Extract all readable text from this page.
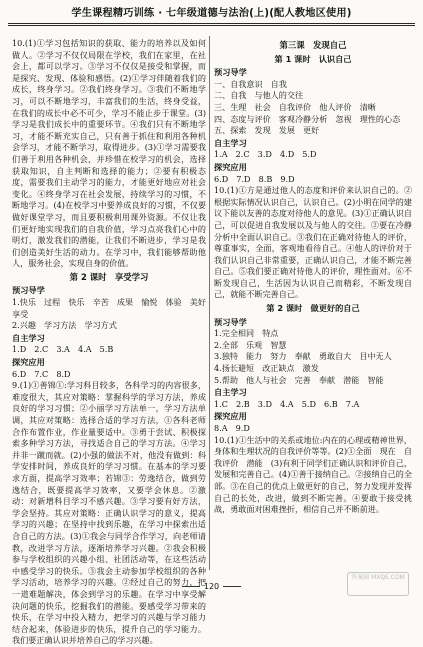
学生课程精巧训练 · 七年级道德与法治(上)(配人教地区使用)

10.(1)①学习包括知识的获取、能力的培养以及如何做人。②学习不仅仅局限在学校，我们在家里，在社会上，都可以学习。③学习不仅仅是接受和掌握，而是探究、发现、体验和感悟。(2)①学习伴随着我们的成长，终身学习。②我们终身学习。③我们不断地学习，可以不断地学习，丰富我们的生活，终身受益，在我们的成长中必不可少，学习不能止步于课堂。(3)学习是我们成长中的重要环节。④我们只有不断地学习，才能不断充实自己，只有善于抓住和利用各种机会学习，才能不断学习，取得进步。(3)①学习需要我们善于利用各种机会，并珍惜在校学习的机会，选择获取知识，自主判断和选择的能力；②要有积极态度，需要我们主动学习的能力，才能更好地应对社会变化。④终身学习在社会发展，持续学习的习惯，不断地学习。(4)在校学习中要养成良好的习惯，不仅要做好课堂学习，而且要积极利用课外资源。不仅让我们更好地实现我们的自我价值，学习点亮我们心中的明灯，激发我们的潜能，让我们不断进步，学习是我们创造美好生活的动力。在学习中，我们能够帮助他人，服务社会，实现自身的价值。

第 2 课时　享受学习

预习导学

1.快乐　过程　快乐　辛苦　成果　愉悦　体验　美好享受

2.兴趣　学习方法　学习方式

自主学习

1.D　2.C　3.A　4.A　5.B

探究应用

6.D　7.C　8.D

9.(1)①善锦①:学习科目较多，各科学习的内容很多，难度很大，其应对策略：掌握科学的学习方法，养成良好的学习习惯；②小丽学习方法单一，学习方法单调，其应对策略：选择合适的学习方法，①各科老师合作布置作业，作业量要适中。③勇于尝试、积极探索多种学习方法，寻找适合自己的学习方法。④学习并非一蹴而就。(2)小强的做法不对，他没有做到：科学安排时间，养成良好的学习习惯。在基本的学习要求方面，提高学习效率；若锦③：劳逸结合，做到劳逸结合，既要提高学习效率，又要学会休息。②激动：对新增科目学习不感兴趣。③学习要有好方法，学会坚持。其应对策略：正确认识学习的意义，提高学习的兴趣；在坚持中找到乐趣，在学习中探索出适合自己的方法。(3)①我会与同学合作学习，向老师请教，改进学习方法，逐渐培养学习兴趣。②我会积极参与学校组织的兴趣小组、社团活动等，在这些活动中感受学习的快乐。③我会主动参加学校组织的各种学习活动，培养学习的兴趣。②经过自己的努力，把一道难题解决，体会到学习的乐趣。在学习中享受解决问题的快乐，挖掘我们的潜能。要感受学习带来的快乐，在学习中投入精力，把学习的兴趣与学习能力结合起来，体验进步的快乐，提升自己的学习能力。我们要正确认识并培养自己的学习兴趣。

第三课　发现自己

第 1 课时　认识自己

预习导学

一、自我意识　自我

二、自我　与他人的交往

三、生理　社会　自我评价　他人评价　清晰

四、态度与评价　客观冷静分析　忽视　理性的心态

五、探索　发现　发展　更好

自主学习

1.A　2.C　3.D　4.D　5.D

探究应用

6.D　7.D　8.B　9.D

10.(1)①方是通过他人的态度和评价来认识自己的。②根据实际情况认识自己，认识自己。(2)小明在同学的建议下能以友善的态度对待他人的意见。(3)①正确认识自己，可以促进自我发展以及与他人的交往。②要在冷静分析中全面认识自己。③我们在正确对待他人的评价，尊重事实，全面，客观地看待自己。④他人的评价对于我们认识自己非常重要，正确认识自己，才能不断完善自己。⑤我们要正确对待他人的评价，理性面对。⑥不断发现自己，生活因为认识自己而精彩，不断发现自己，就能不断完善自己。

第 2 课时　做更好的自己

预习导学

1.完全相同　特点

2.全部　乐观　智慧

3.独特　能力　努力　奉献　勇敢自大　目中无人

4.扬长避短　改正缺点　激发

5.帮助　他人与社会　完善　奉献　潜能　智能

自主学习

1.C　2.B　3.D　4.A　5.D　6.B　7.A

探究应用

8.A　9.D

10.(1)①生活中的关系或地位:内在的心理或精神世界，身体和生理状况的自我评价等等。(2)①全面　现在　自我评价　潜能　(3)有利于同学们正确认识和评价自己，发展和完善自己。(4)①善于接纳自己。②接纳自己的全部。③在自己的优点上做更好的自己，努力发现并发挥自己的长处，改进，做到不断完善。④要敢于接受挑战，勇敢面对困难挫折，相信自己并不断前进。

120
答案圈 MXQE.COM
